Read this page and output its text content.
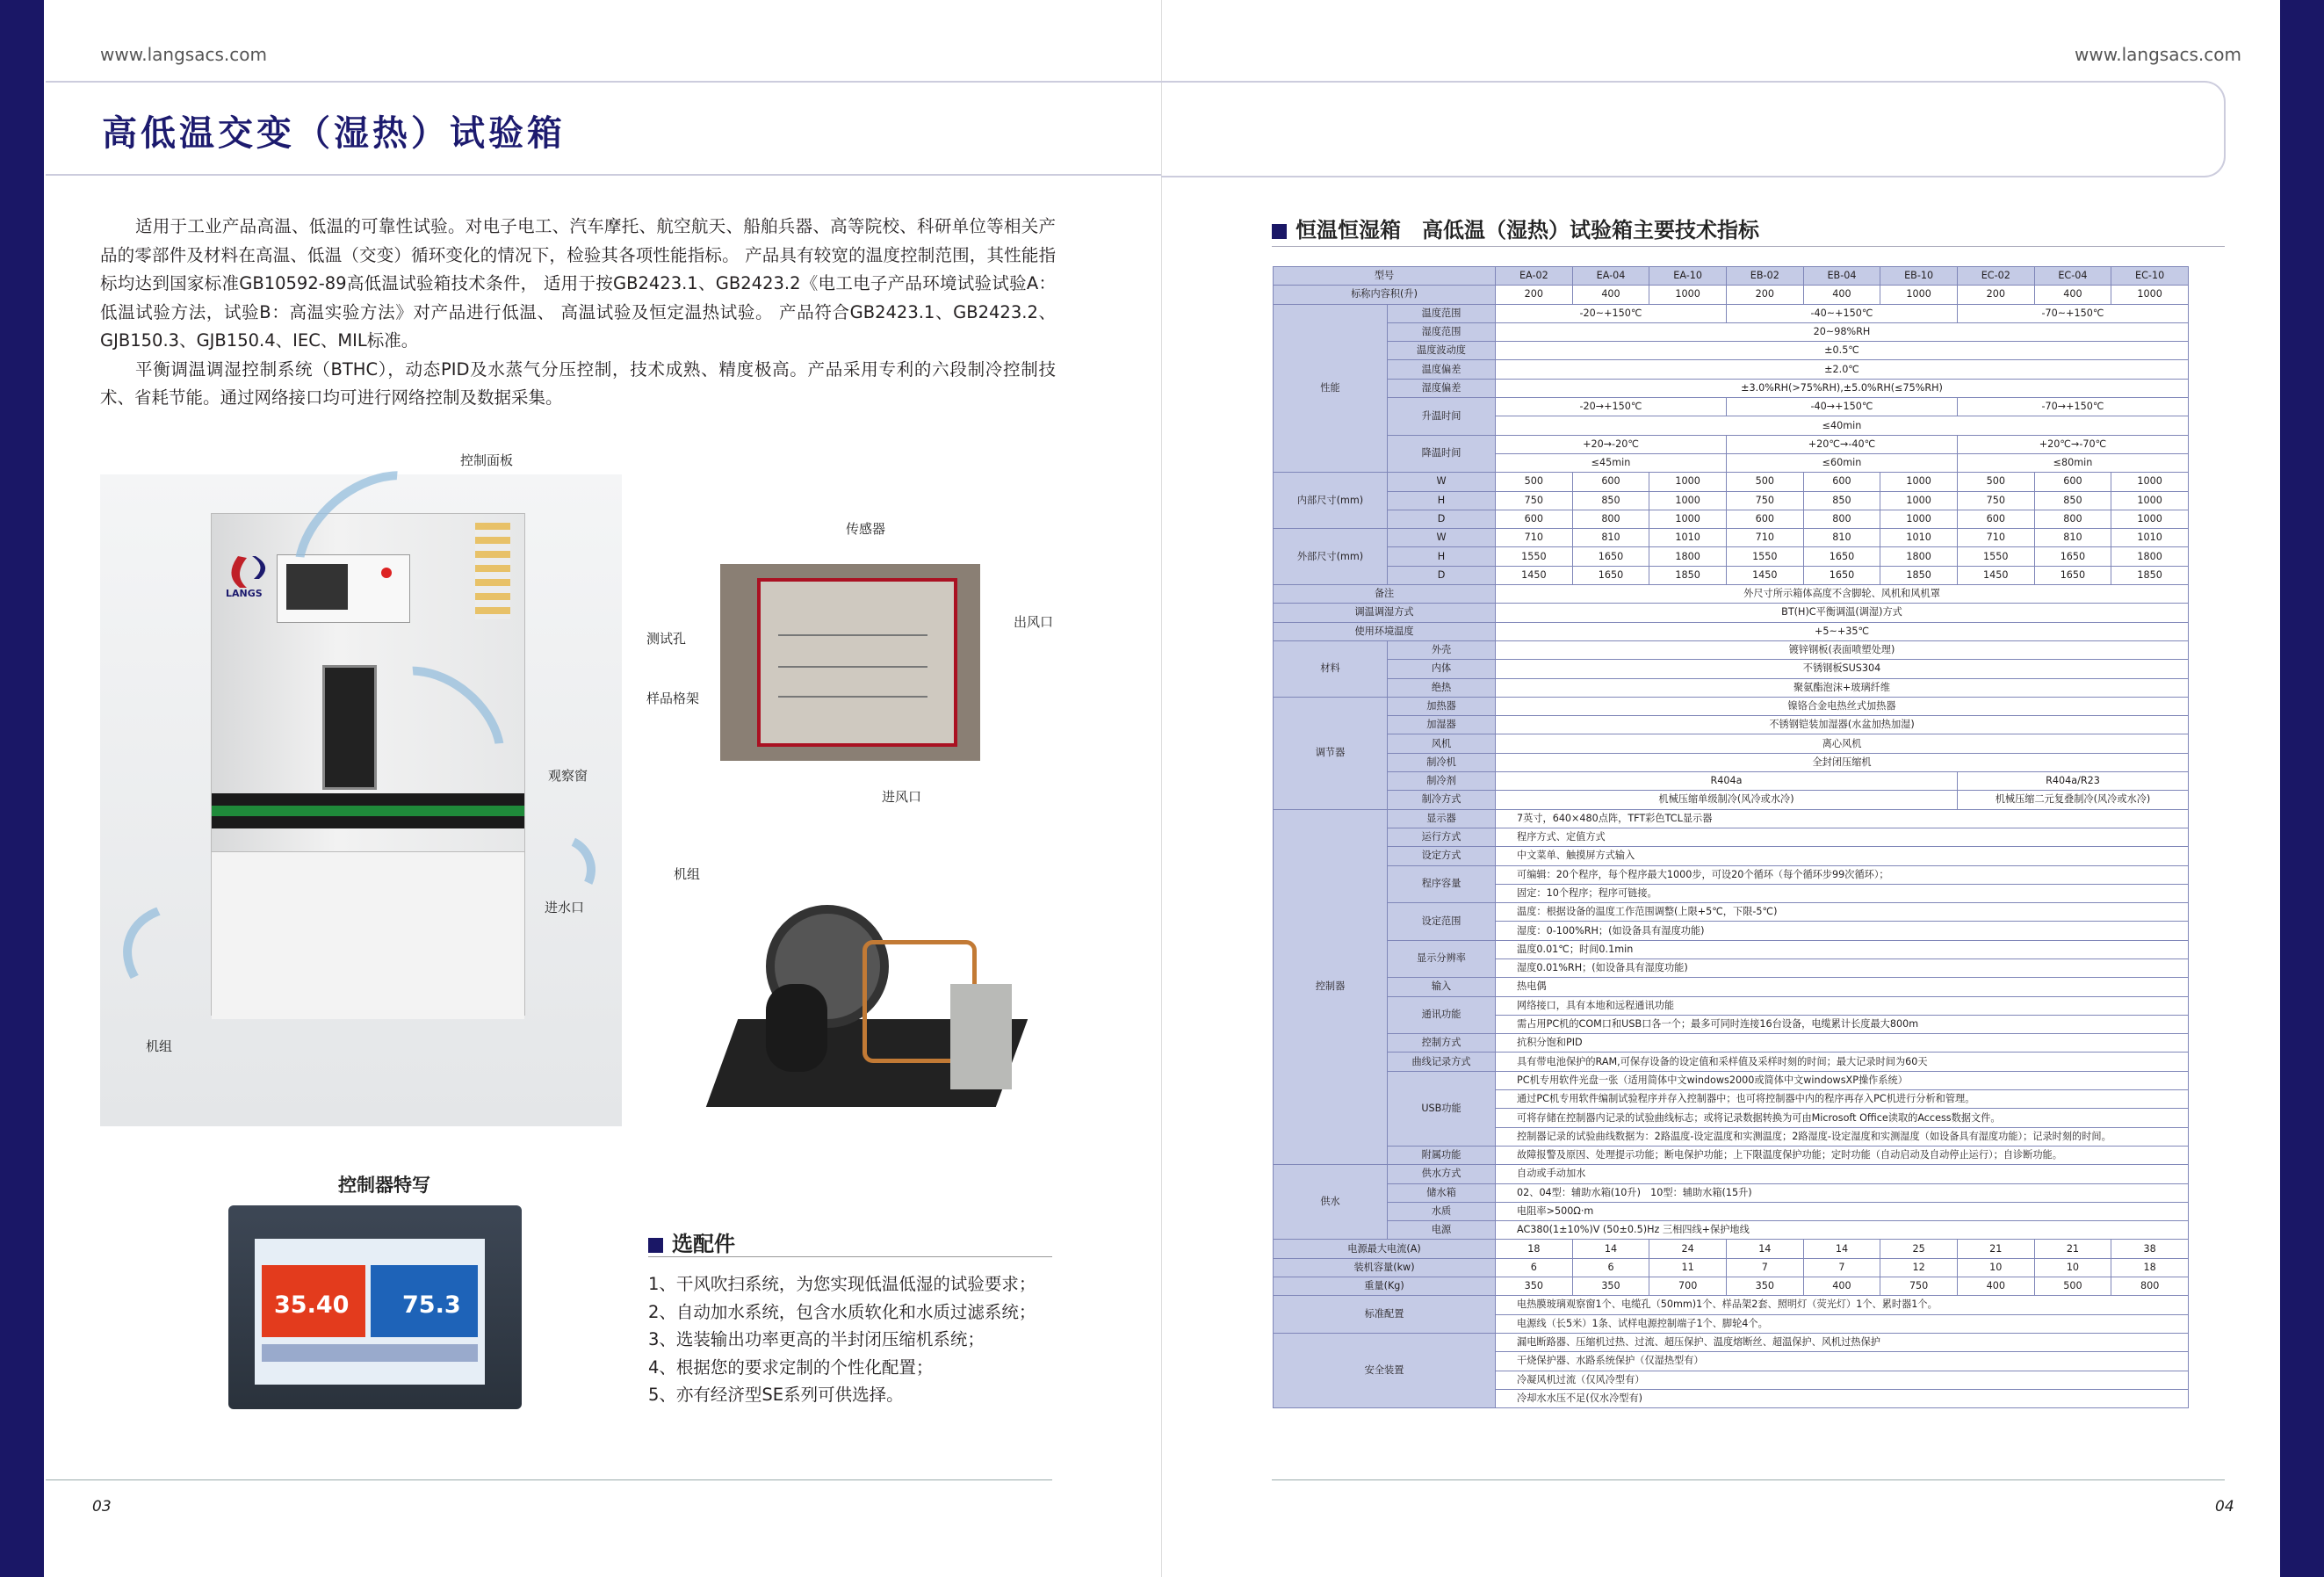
www.langsacs.com	www.langsacs.com
高低温交变（湿热）试验箱

适用于工业产品高温、低温的可靠性试验。对电子电工、汽车摩托、航空航天、船舶兵器、高等院校、科研单位等相关产品的零部件及材料在高温、低温（交变）循环变化的情况下，检验其各项性能指标。 产品具有较宽的温度控制范围，其性能指标均达到国家标准GB10592-89高低温试验箱技术条件， 适用于按GB2423.1、GB2423.2《电工电子产品环境试验试验A：低温试验方法，试验B：高温实验方法》对产品进行低温、 高温试验及恒定温热试验。 产品符合GB2423.1、GB2423.2、GJB150.3、GJB150.4、IEC、MIL标准。

平衡调温调湿控制系统（BTHC），动态PID及水蒸气分压控制，技术成熟、精度极高。产品采用专利的六段制冷控制技术、省耗节能。通过网络接口均可进行网络控制及数据采集。

LANGS
控制面板
观察窗
进水口
机组
传感器
测试孔
样品格架
出风口
进风口
机组
控制器特写
35.40 75.3
选配件
1、干风吹扫系统，为您实现低温低湿的试验要求；
2、自动加水系统，包含水质软化和水质过滤系统；
3、选装输出功率更高的半封闭压缩机系统；
4、根据您的要求定制的个性化配置；
5、亦有经济型SE系列可供选择。
03
恒温恒湿箱　高低温（湿热）试验箱主要技术指标
型号		EA-02	EA-04	EA-10	EB-02	EB-04	EB-10	EC-02	EC-04	EC-10
标称内容积(升)		200	400	1000	200	400	1000	200	400	1000
性能	温度范围	-20~+150℃			-40~+150℃			-70~+150℃		
	湿度范围	20~98%RH								
	温度波动度	±0.5℃								
	温度偏差	±2.0℃								
	湿度偏差	±3.0%RH(>75%RH),±5.0%RH(≤75%RH)								
	升温时间	-20→+150℃			-40→+150℃			-70→+150℃		
		≤40min								
	降温时间	+20→-20℃			+20℃→-40℃			+20℃→-70℃		
		≤45min			≤60min			≤80min		
内部尺寸(mm)	W	500	600	1000	500	600	1000	500	600	1000
	H	750	850	1000	750	850	1000	750	850	1000
	D	600	800	1000	600	800	1000	600	800	1000
外部尺寸(mm)	W	710	810	1010	710	810	1010	710	810	1010
	H	1550	1650	1800	1550	1650	1800	1550	1650	1800
	D	1450	1650	1850	1450	1650	1850	1450	1650	1850
备注		外尺寸所示箱体高度不含脚轮、风机和风机罩								
调温调湿方式		BT(H)C平衡调温(调湿)方式								
使用环境温度		+5~+35℃								
材料	外壳	镀锌钢板(表面喷塑处理)								
	内体	不锈钢板SUS304								
	绝热	聚氨酯泡沫+玻璃纤维								
调节器	加热器	镍铬合金电热丝式加热器								
	加湿器	不锈钢铠装加湿器(水盆加热加湿)								
	风机	离心风机								
	制冷机	全封闭压缩机								
	制冷剂	R404a						R404a/R23		
	制冷方式	机械压缩单级制冷(风冷或水冷)						机械压缩二元复叠制冷(风冷或水冷)		
控制器	显示器	7英寸，640×480点阵，TFT彩色TCL显示器								
	运行方式	程序方式、定值方式								
	设定方式	中文菜单、触摸屏方式输入								
	程序容量	可编辑：20个程序，每个程序最大1000步，可设20个循环（每个循环步99次循环）；								
		固定：10个程序；程序可链接。								
	设定范围	温度：根据设备的温度工作范围调整(上限+5℃，下限-5℃)								
		湿度：0-100%RH；(如设备具有湿度功能)								
	显示分辨率	温度0.01℃；时间0.1min								
		湿度0.01%RH；(如设备具有湿度功能)								
	输入	热电偶								
	通讯功能	网络接口，具有本地和远程通讯功能								
		需占用PC机的COM口和USB口各一个；最多可同时连接16台设备，电缆累计长度最大800m								
	控制方式	抗积分饱和PID								
	曲线记录方式	具有带电池保护的RAM,可保存设备的设定值和采样值及采样时刻的时间；最大记录时间为60天								
	USB功能	PC机专用软件光盘一张（适用简体中文windows2000或简体中文windowsXP操作系统）								
		通过PC机专用软件编制试验程序并存入控制器中；也可将控制器中内的程序再存入PC机进行分析和管理。								
		可将存储在控制器内记录的试验曲线标志；或将记录数据转换为可由Microsoft Office读取的Access数据文件。								
		控制器记录的试验曲线数据为：2路温度-设定温度和实测温度；2路湿度-设定湿度和实测湿度（如设备具有湿度功能）；记录时刻的时间。								
	附属功能	故障报警及原因、处理提示功能；断电保护功能；上下限温度保护功能；定时功能（自动启动及自动停止运行）；自诊断功能。								
供水	供水方式	自动或手动加水								
	储水箱	02、04型：辅助水箱(10升)　10型：辅助水箱(15升)								
	水质	电阻率>500Ω·m								
	电源	AC380(1±10%)V (50±0.5)Hz 三相四线+保护地线								
电源最大电流(A)		18	14	24	14	14	25	21	21	38
装机容量(kw)		6	6	11	7	7	12	10	10	18
重量(Kg)		350	350	700	350	400	750	400	500	800
标准配置		电热膜玻璃观察窗1个、电缆孔（50mm)1个、样品架2套、照明灯（荧光灯）1个、累时器1个。								
		电源线（长5米）1条、试样电源控制端子1个、脚轮4个。								
安全装置		漏电断路器、压缩机过热、过流、超压保护、温度熔断丝、超温保护、风机过热保护								
		干烧保护器、水路系统保护（仅湿热型有）								
		冷凝风机过流（仅风冷型有）								
		冷却水水压不足(仅水冷型有)								
04
